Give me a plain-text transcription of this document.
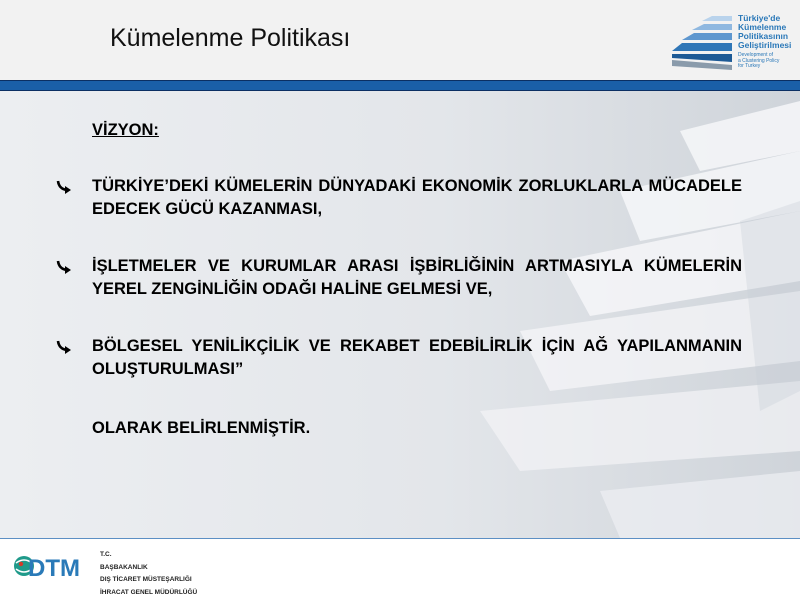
Kümelenme Politikası
Türkiye'de
Kümelenme
Politikasının
Geliştirilmesi
Development of
a Clustering Policy
for Turkey
VİZYON:
TÜRKİYE’DEKİ KÜMELERİN DÜNYADAKİ EKONOMİK ZORLUKLARLA MÜCADELE EDECEK GÜCÜ KAZANMASI,
İŞLETMELER VE KURUMLAR ARASI İŞBİRLİĞİNİN ARTMASIYLA KÜMELERİN YEREL ZENGİNLİĞİN ODAĞI HALİNE GELMESİ VE,
BÖLGESEL YENİLİKÇİLİK VE REKABET EDEBİLİRLİK İÇİN AĞ YAPILANMANIN OLUŞTURULMASI”
OLARAK BELİRLENMİŞTİR.
DTM
T.C.
BAŞBAKANLIK
DIŞ TİCARET MÜSTEŞARLIĞI
İHRACAT GENEL MÜDÜRLÜĞÜ
